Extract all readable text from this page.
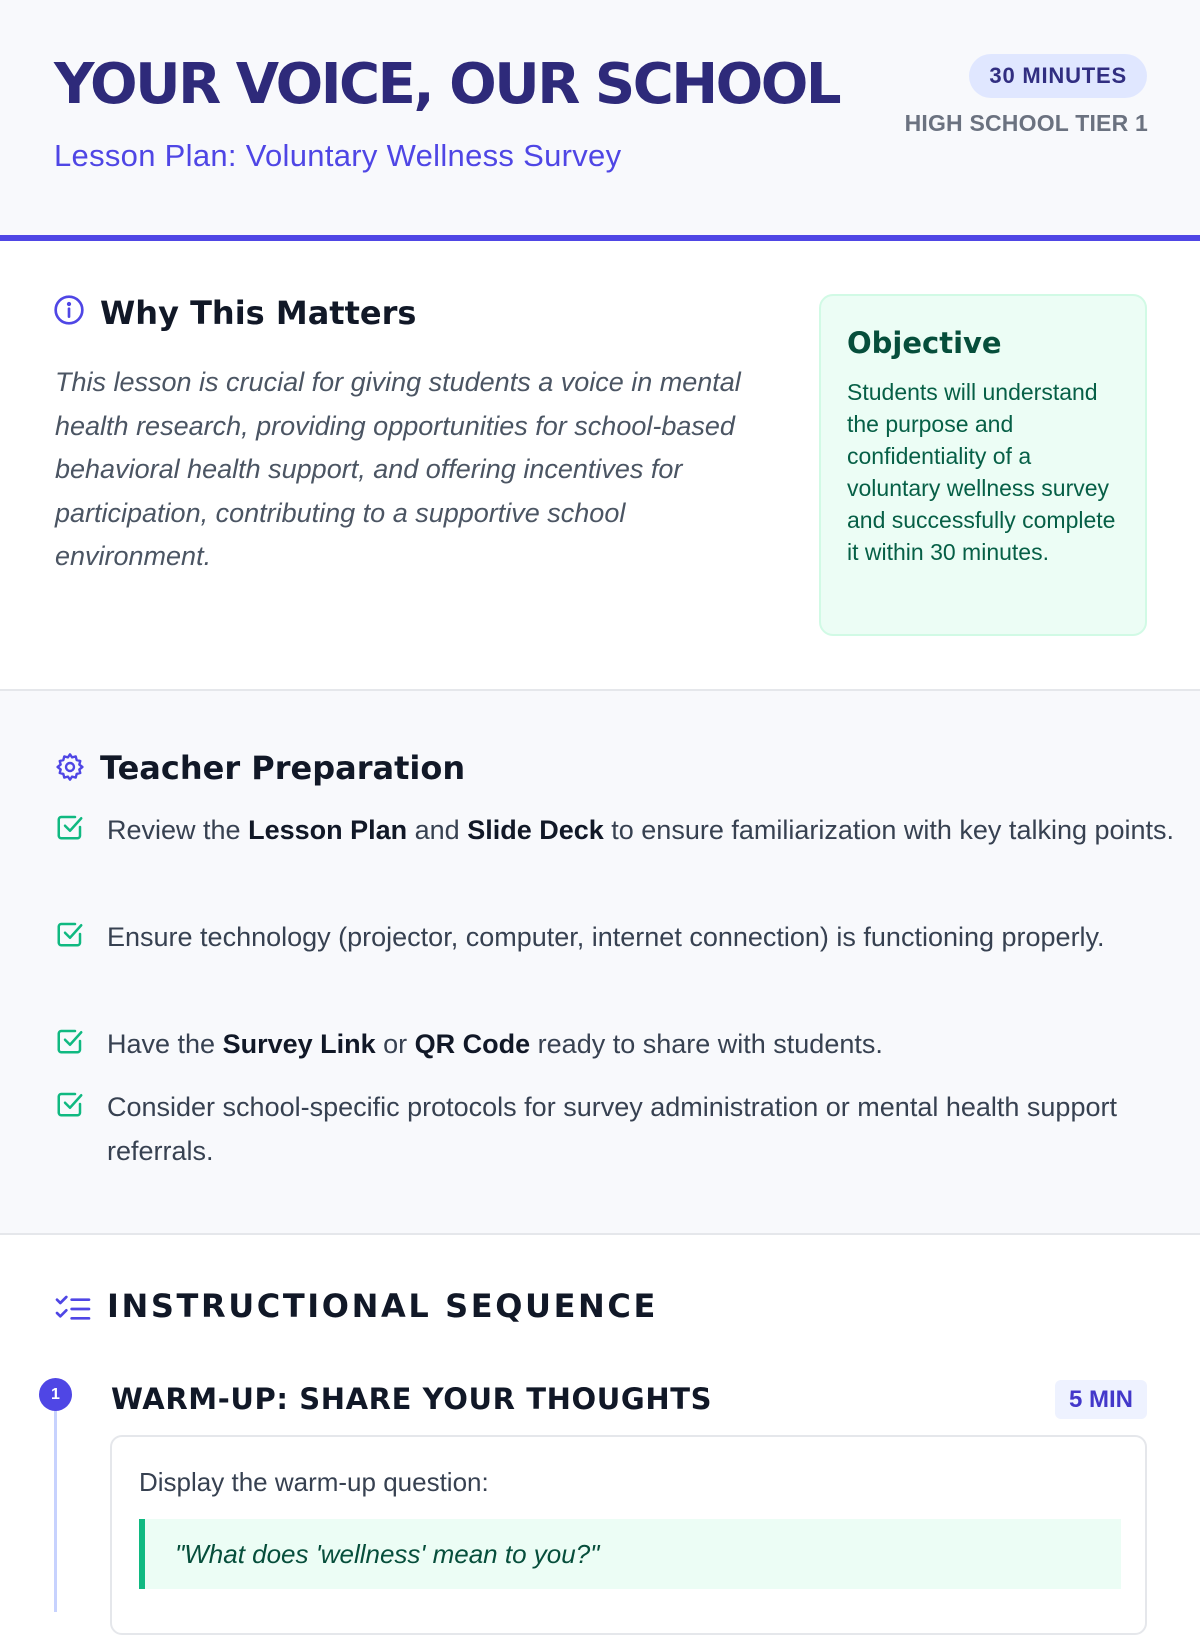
YOUR VOICE, OUR SCHOOL
Lesson Plan: Voluntary Wellness Survey
30 MINUTES
HIGH SCHOOL TIER 1
Why This Matters
This lesson is crucial for giving students a voice in mental health research, providing opportunities for school-based behavioral health support, and offering incentives for participation, contributing to a supportive school environment.
Objective
Students will understand the purpose and confidentiality of a voluntary wellness survey and successfully complete it within 30 minutes.
Teacher Preparation
Review the Lesson Plan and Slide Deck to ensure familiarization with key talking points.
Ensure technology (projector, computer, internet connection) is functioning properly.
Have the Survey Link or QR Code ready to share with students.
Consider school-specific protocols for survey administration or mental health support referrals.
INSTRUCTIONAL SEQUENCE
1	WARM-UP: SHARE YOUR THOUGHTS	5 MIN
Display the warm-up question:
"What does 'wellness' mean to you?"
